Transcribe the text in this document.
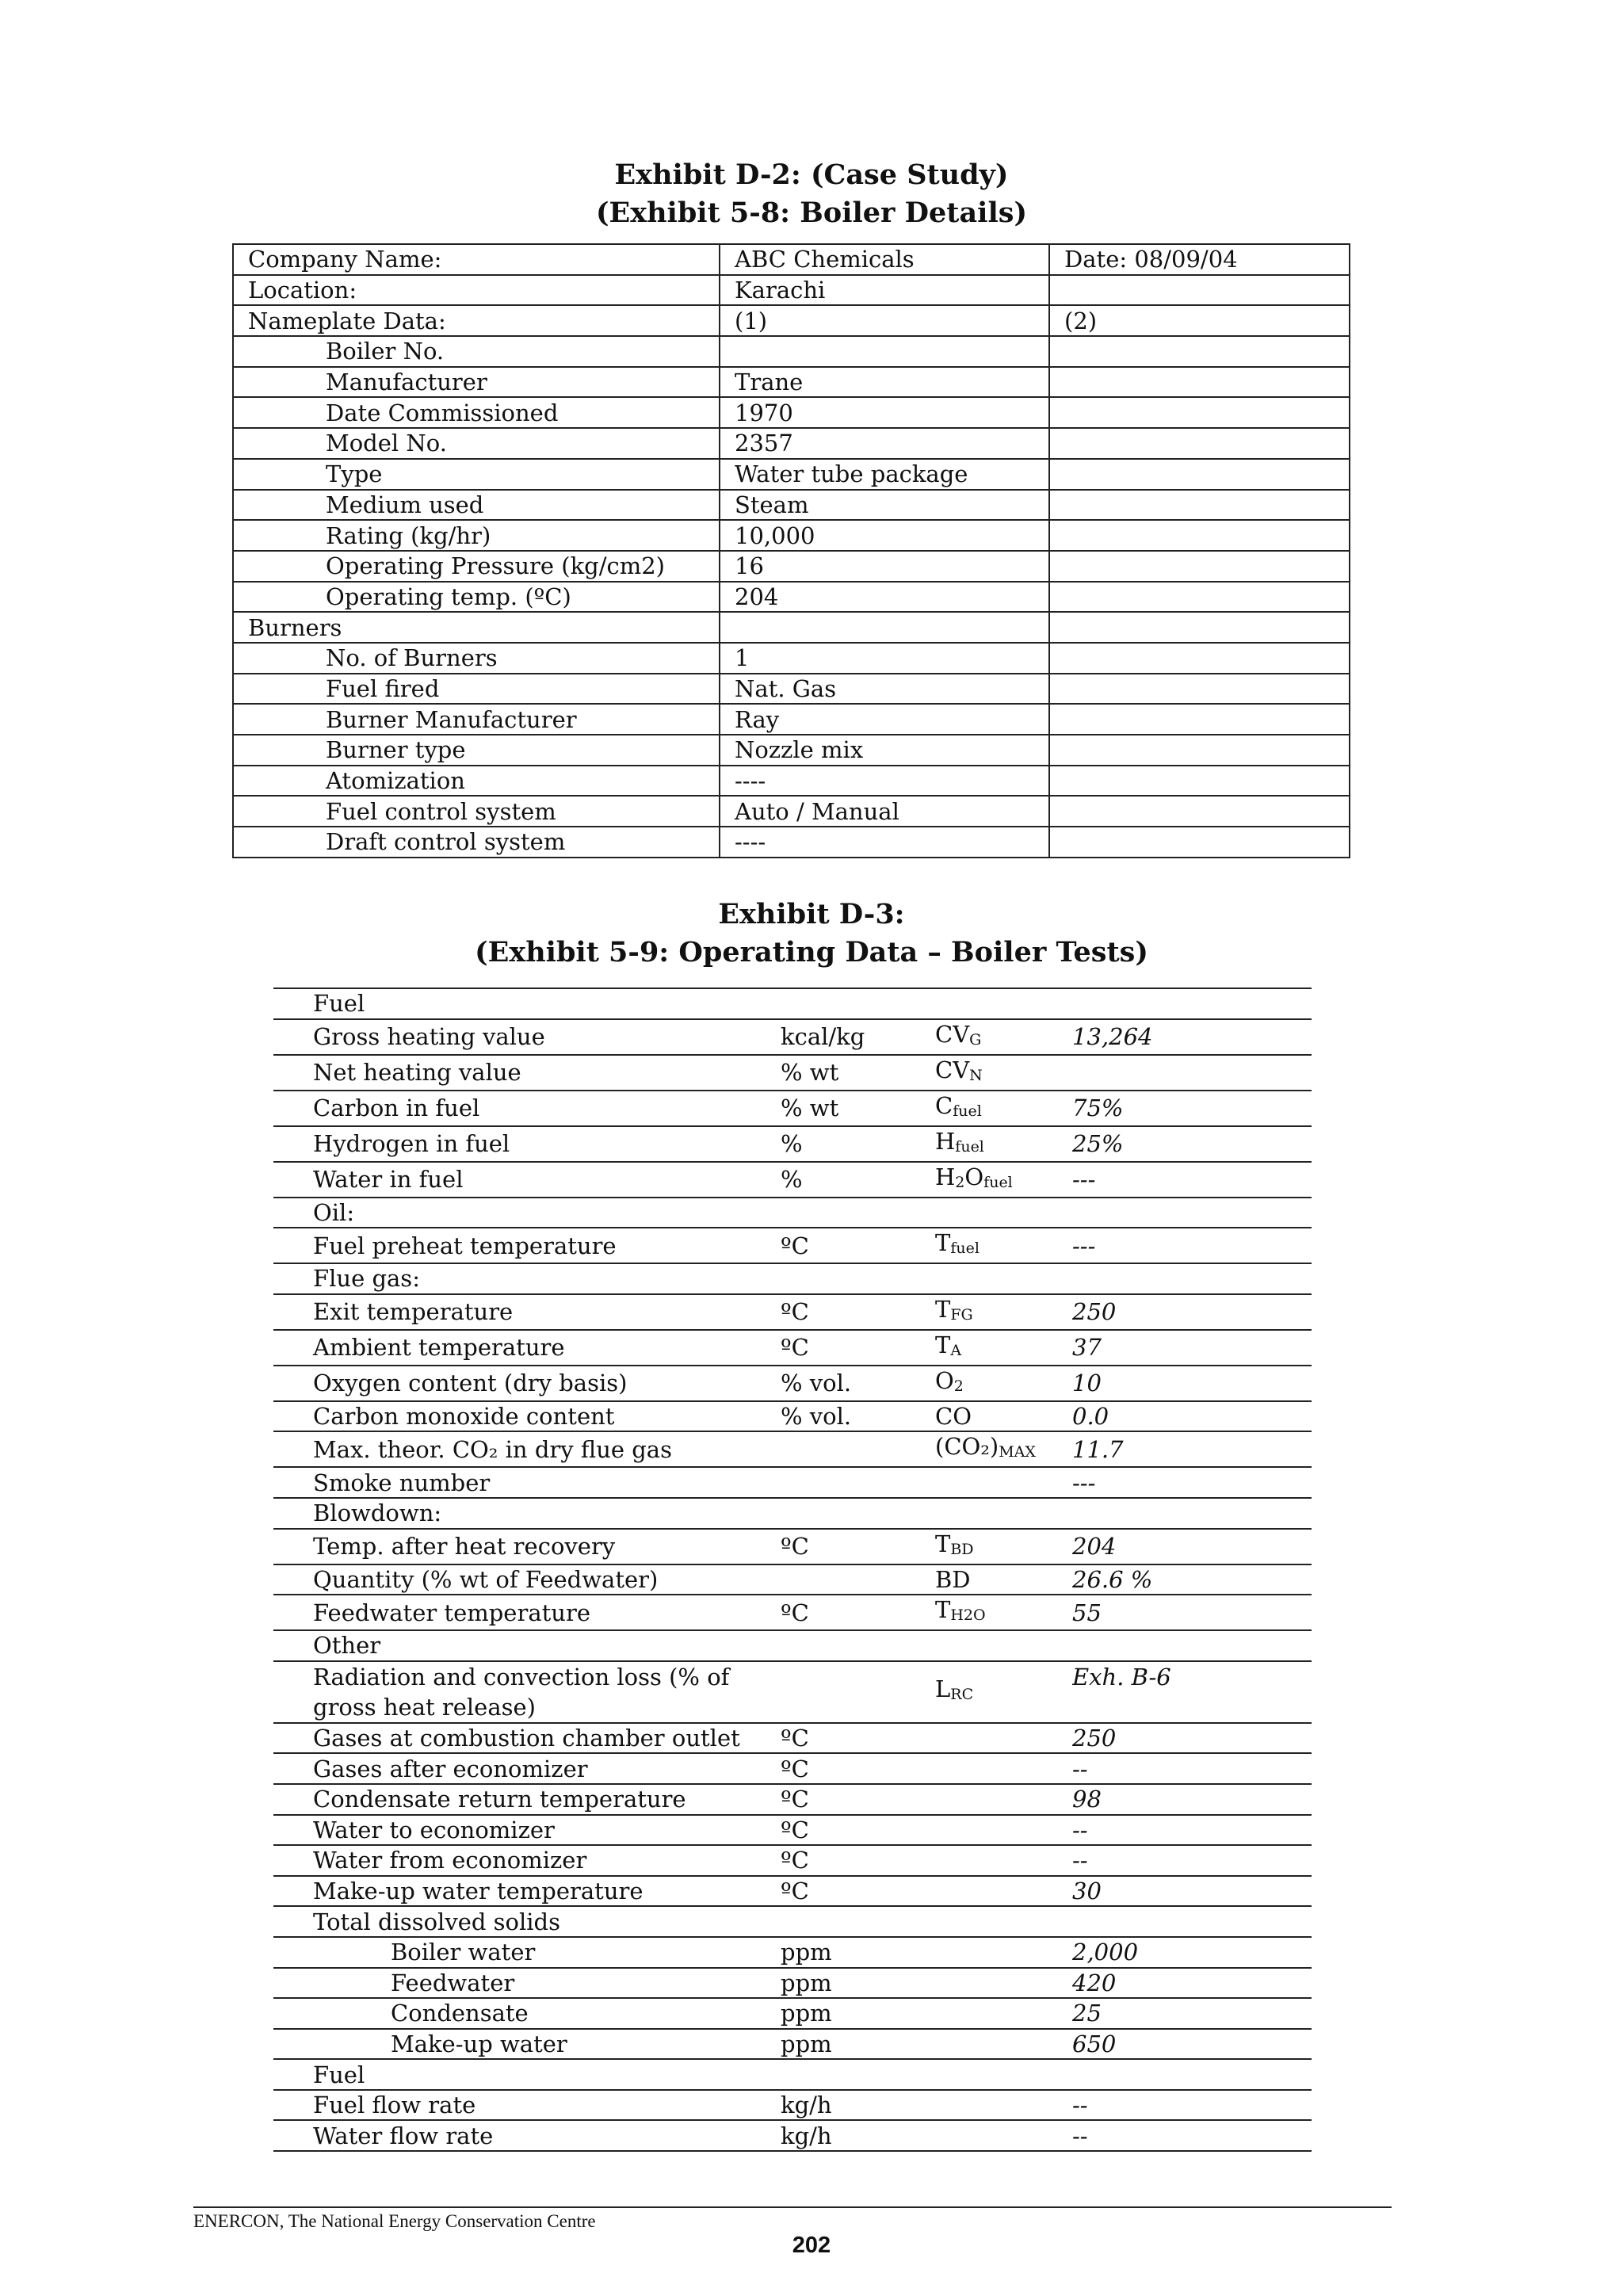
Exhibit D-2: (Case Study)
(Exhibit 5-8: Boiler Details)
Company Name:	ABC Chemicals	Date: 08/09/04
Location:	Karachi	
Nameplate Data:	(1)	(2)
Boiler No.		
Manufacturer	Trane	
Date Commissioned	1970	
Model No.	2357	
Type	Water tube package	
Medium used	Steam	
Rating (kg/hr)	10,000	
Operating Pressure (kg/cm2)	16	
Operating temp. (ºC)	204	
Burners		
No. of Burners	1	
Fuel fired	Nat. Gas	
Burner Manufacturer	Ray	
Burner type	Nozzle mix	
Atomization	----	
Fuel control system	Auto / Manual	
Draft control system	----	
Exhibit D-3:
(Exhibit 5-9: Operating Data – Boiler Tests)
Fuel			
Gross heating value	kcal/kg	$CV_G$	13,264
Net heating value	% wt	$CV_N$	
Carbon in fuel	% wt	$C_{fuel}$	75%
Hydrogen in fuel	%	$H_{fuel}$	25%
Water in fuel	%	$H_2O_{fuel}$	---
Oil:			
Fuel preheat temperature	ºC	$T_{fuel}$	---
Flue gas:			
Exit temperature	ºC	$T_{FG}$	250
Ambient temperature	ºC	$T_A$	37
Oxygen content (dry basis)	% vol.	$O_2$	10
Carbon monoxide content	% vol.	CO	0.0
Max. theor. CO₂ in dry flue gas		$(CO_2)_{MAX}$	11.7
Smoke number			---
Blowdown:			
Temp. after heat recovery	ºC	$T_{BD}$	204
Quantity (% wt of Feedwater)		BD	26.6 %
Feedwater temperature	ºC	$T_{H2O}$	55
Other			
Radiation and convection loss (% of gross heat release)		$L_{RC}$	Exh. B-6
Gases at combustion chamber outlet	ºC		250
Gases after economizer	ºC		--
Condensate return temperature	ºC		98
Water to economizer	ºC		--
Water from economizer	ºC		--
Make-up water temperature	ºC		30
Total dissolved solids			
Boiler water	ppm		2,000
Feedwater	ppm		420
Condensate	ppm		25
Make-up water	ppm		650
Fuel			
Fuel flow rate	kg/h		--
Water flow rate	kg/h		--
ENERCON, The National Energy Conservation Centre
202
